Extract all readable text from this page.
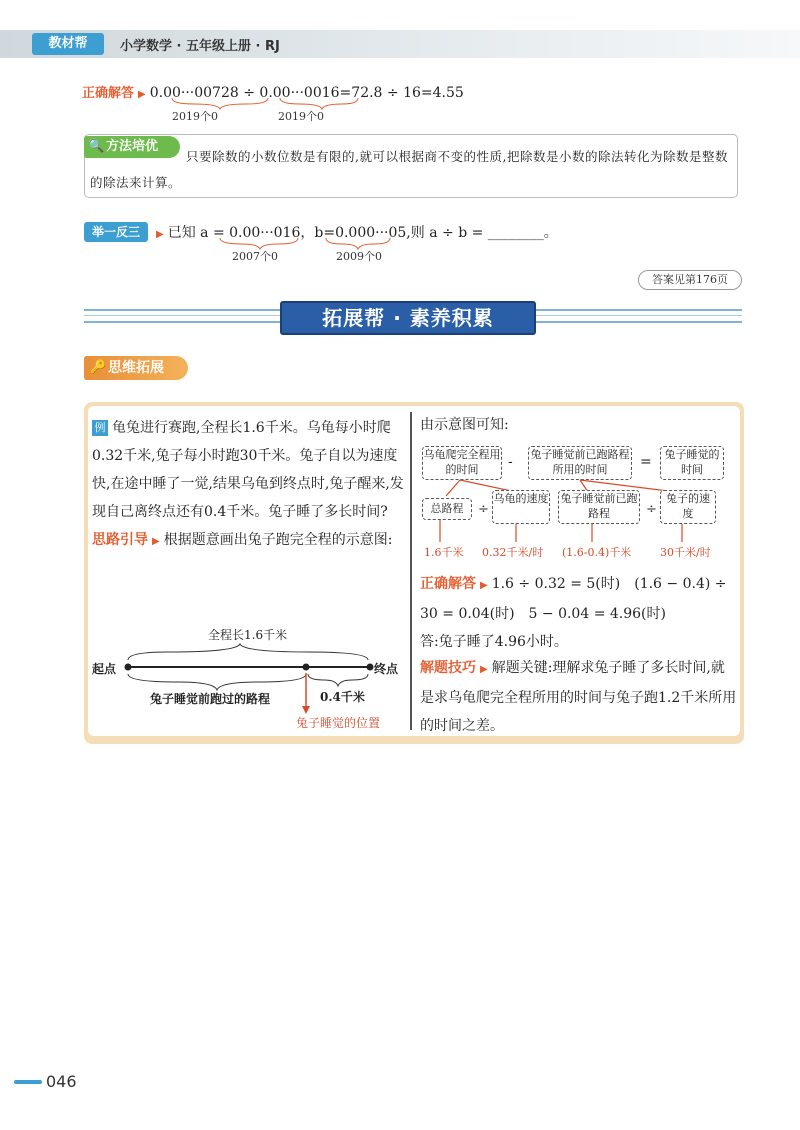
教材帮	小学数学 · 五年级上册 · RJ
正确解答 ▶ 0.00···00728 ÷ 0.00···0016=72.8 ÷ 16=4.55
2019个0	2019个0
🔍 方法培优
只要除数的小数位数是有限的,就可以根据商不变的性质,把除数是小数的除法转化为除数是整数的除法来计算。
举一反三	▶ 已知 a = 0.00···016，b=0.000···05,则 a ÷ b = ________。
2007个0	2009个0
答案见第176页
拓展帮 · 素养积累
🔑 思维拓展
例 龟兔进行赛跑,全程长1.6千米。乌龟每小时爬0.32千米,兔子每小时跑30千米。兔子自以为速度快,在途中睡了一觉,结果乌龟到终点时,兔子醒来,发现自己离终点还有0.4千米。兔子睡了多长时间?
思路引导 ▶ 根据题意画出兔子跑完全程的示意图:
全程长1.6千米
起点	终点
兔子睡觉前跑过的路程	0.4千米
兔子睡觉的位置
由示意图可知:
乌龟爬完全程用的时间	- 兔子睡觉前已跑路程所用的时间	=	兔子睡觉的时间
总路程	÷
乌龟的速度 兔子睡觉前已跑路程	÷
兔子的速度
1.6千米 0.32千米/时 (1.6-0.4)千米	30千米/时
正确解答 ▶ 1.6 ÷ 0.32 = 5(时)　(1.6 − 0.4) ÷
30 = 0.04(时)　5 − 0.04 = 4.96(时)
答:兔子睡了4.96小时。
解题技巧 ▶ 解题关键:理解求兔子睡了多长时间,就是求乌龟爬完全程所用的时间与兔子跑1.2千米所用的时间之差。
046
